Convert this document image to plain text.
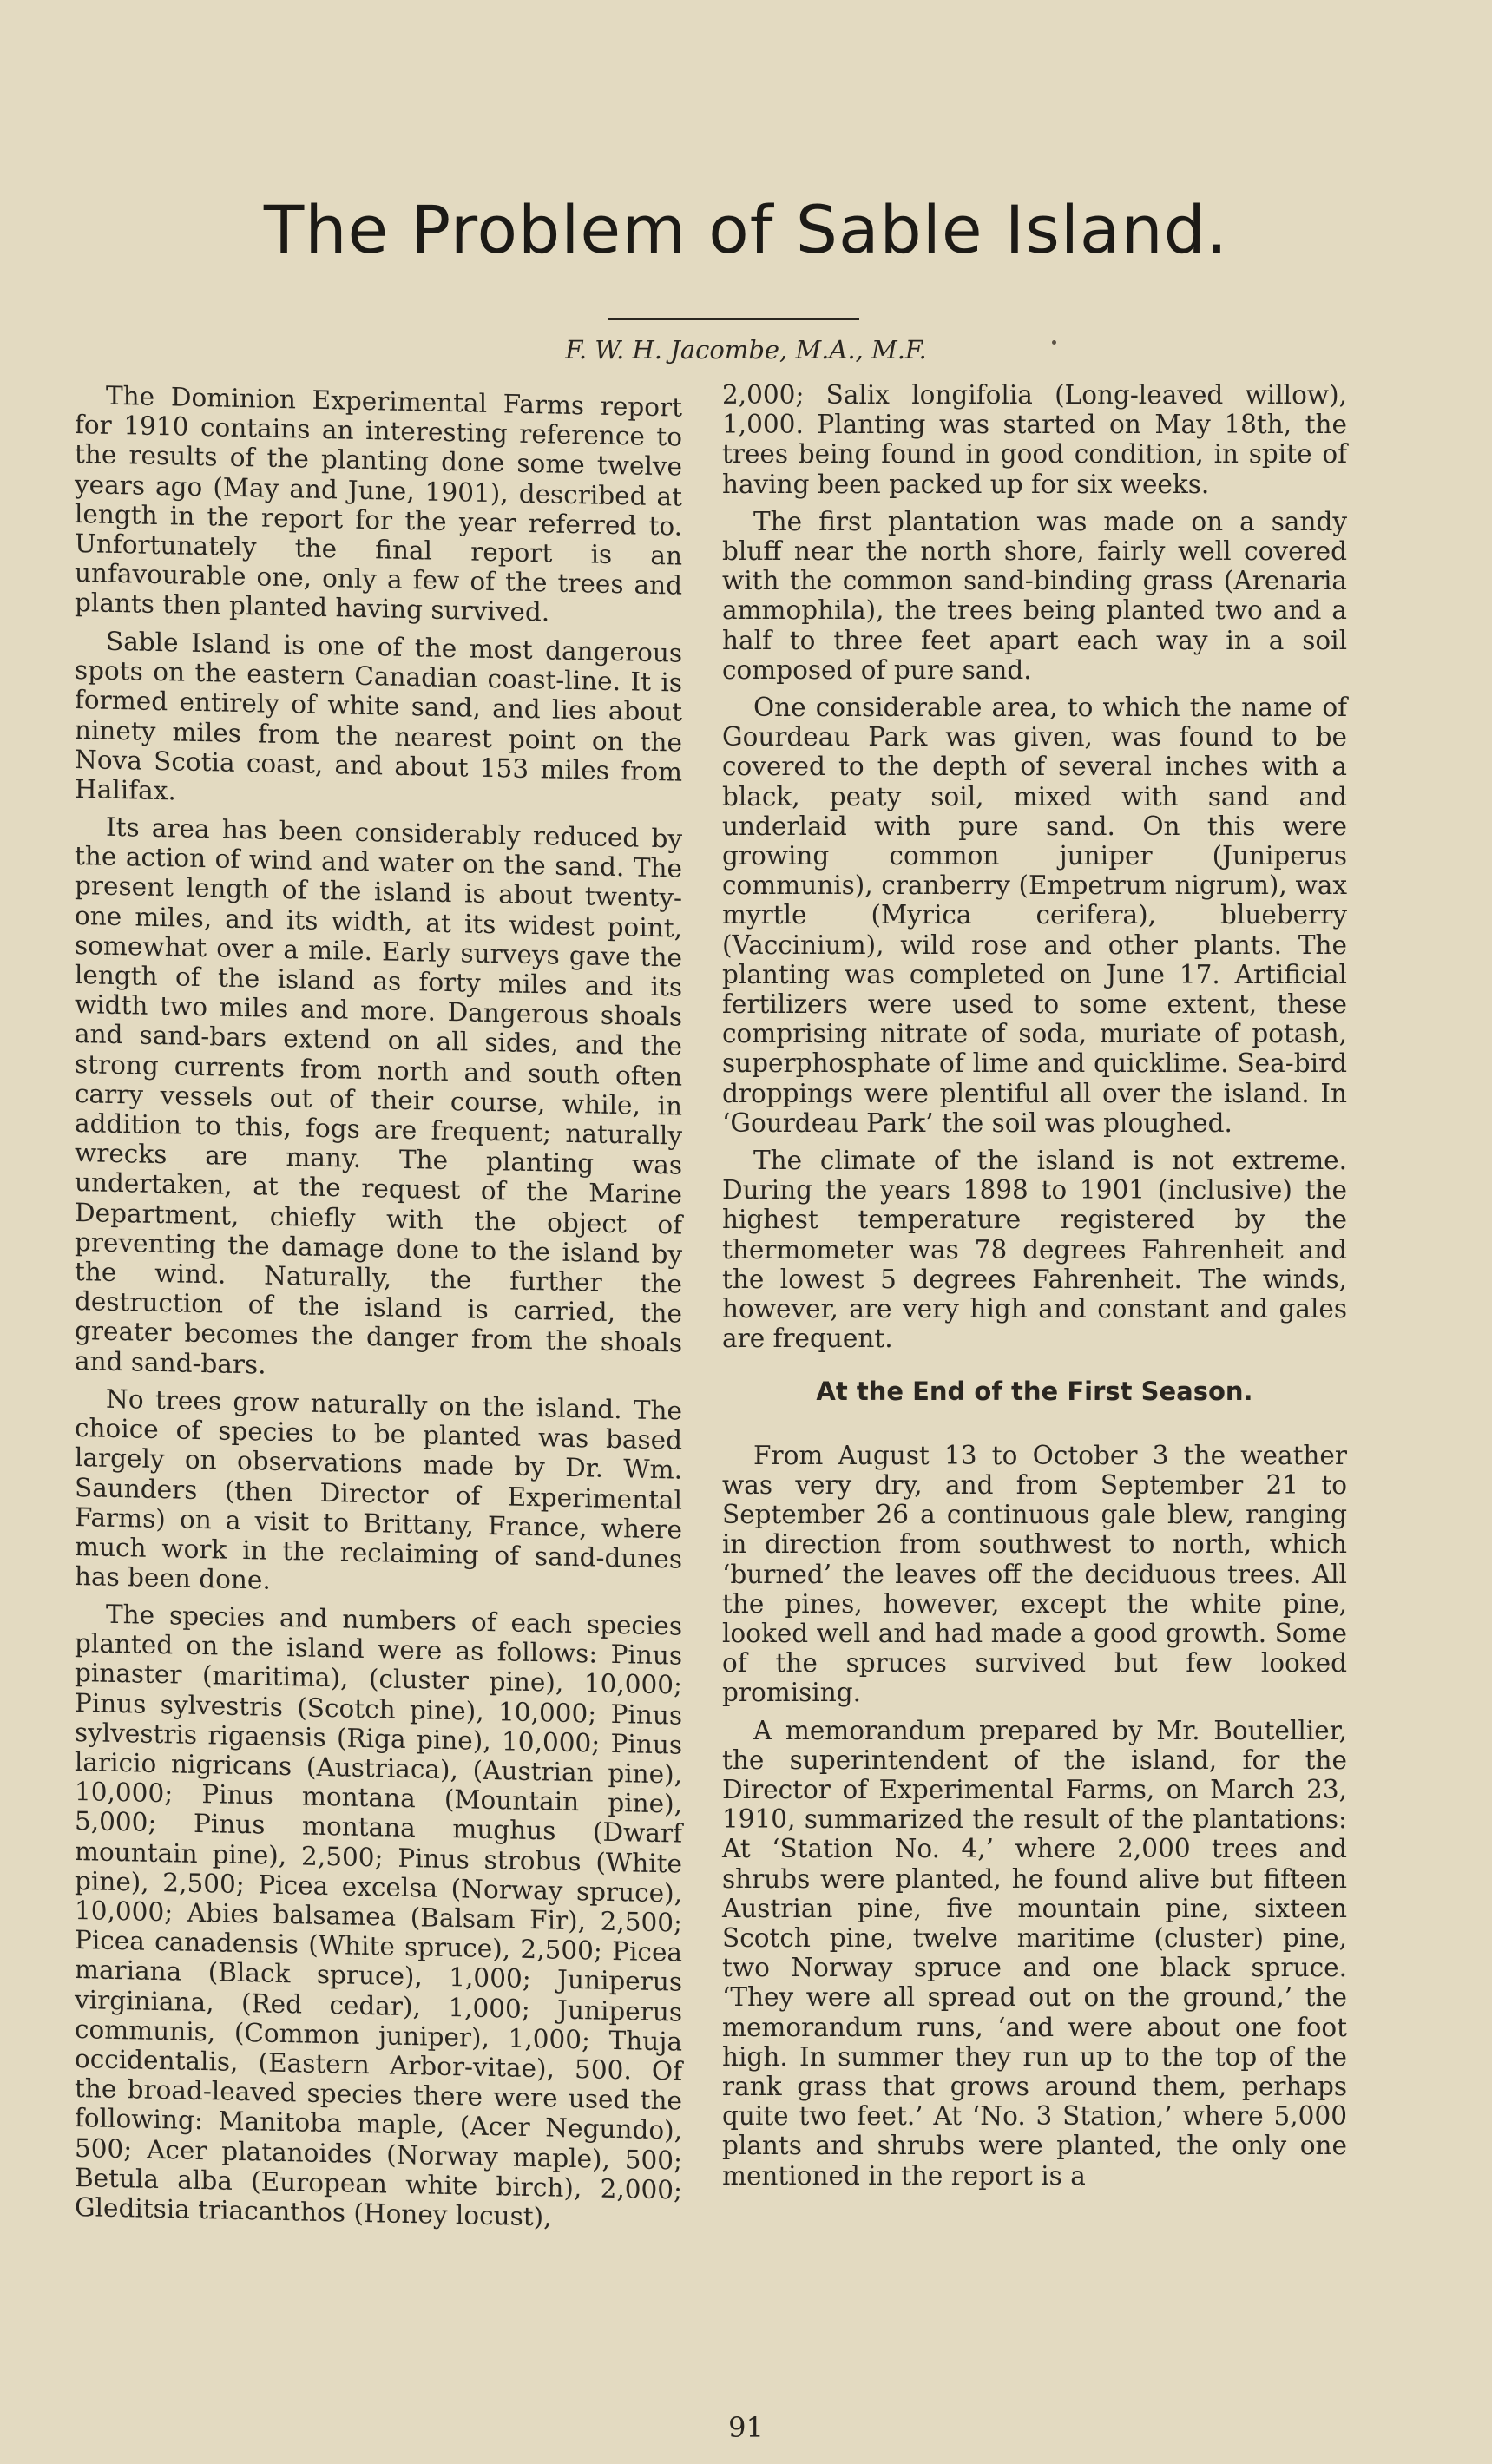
The Problem of Sable Island.
F. W. H. Jacombe, M.A., M.F.

The Dominion Experimental Farms report for 1910 contains an interesting reference to the results of the planting done some twelve years ago (May and June, 1901), described at length in the report for the year referred to. Unfortunately the final report is an unfavourable one, only a few of the trees and plants then planted having survived.

Sable Island is one of the most dangerous spots on the eastern Canadian coast-line. It is formed entirely of white sand, and lies about ninety miles from the nearest point on the Nova Scotia coast, and about 153 miles from Halifax.

Its area has been considerably reduced by the action of wind and water on the sand. The present length of the island is about twenty-one miles, and its width, at its widest point, somewhat over a mile. Early surveys gave the length of the island as forty miles and its width two miles and more. Dangerous shoals and sand-bars extend on all sides, and the strong currents from north and south often carry vessels out of their course, while, in addition to this, fogs are frequent; naturally wrecks are many. The planting was undertaken, at the request of the Marine Department, chiefly with the object of preventing the damage done to the island by the wind. Naturally, the further the destruction of the island is carried, the greater becomes the danger from the shoals and sand-bars.

No trees grow naturally on the island. The choice of species to be planted was based largely on observations made by Dr. Wm. Saunders (then Director of Experimental Farms) on a visit to Brittany, France, where much work in the reclaiming of sand-dunes has been done.

The species and numbers of each species planted on the island were as follows: Pinus pinaster (maritima), (cluster pine), 10,000; Pinus sylvestris (Scotch pine), 10,000; Pinus sylvestris rigaensis (Riga pine), 10,000; Pinus laricio nigricans (Austriaca), (Austrian pine), 10,000; Pinus montana (Mountain pine), 5,000; Pinus montana mughus (Dwarf mountain pine), 2,500; Pinus strobus (White pine), 2,500; Picea excelsa (Norway spruce), 10,000; Abies balsamea (Balsam Fir), 2,500; Picea canadensis (White spruce), 2,500; Picea mariana (Black spruce), 1,000; Juniperus virginiana, (Red cedar), 1,000; Juniperus communis, (Common juniper), 1,000; Thuja occidentalis, (Eastern Arbor-vitae), 500. Of the broad-leaved species there were used the following: Manitoba maple, (Acer Negundo), 500; Acer platanoides (Norway maple), 500; Betula alba (European white birch), 2,000; Gleditsia triacanthos (Honey locust),

2,000; Salix longifolia (Long-leaved willow), 1,000. Planting was started on May 18th, the trees being found in good condition, in spite of having been packed up for six weeks.

The first plantation was made on a sandy bluff near the north shore, fairly well covered with the common sand-binding grass (Arenaria ammophila), the trees being planted two and a half to three feet apart each way in a soil composed of pure sand.

One considerable area, to which the name of Gourdeau Park was given, was found to be covered to the depth of several inches with a black, peaty soil, mixed with sand and underlaid with pure sand. On this were growing common juniper (Juniperus communis), cranberry (Empetrum nigrum), wax myrtle (Myrica cerifera), blueberry (Vaccinium), wild rose and other plants. The planting was completed on June 17. Artificial fertilizers were used to some extent, these comprising nitrate of soda, muriate of potash, superphosphate of lime and quicklime. Sea-bird droppings were plentiful all over the island. In ‘Gourdeau Park’ the soil was ploughed.

The climate of the island is not extreme. During the years 1898 to 1901 (inclusive) the highest temperature registered by the thermometer was 78 degrees Fahrenheit and the lowest 5 degrees Fahrenheit. The winds, however, are very high and constant and gales are frequent.

At the End of the First Season.

From August 13 to October 3 the weather was very dry, and from September 21 to September 26 a continuous gale blew, ranging in direction from southwest to north, which ‘burned’ the leaves off the deciduous trees. All the pines, however, except the white pine, looked well and had made a good growth. Some of the spruces survived but few looked promising.

A memorandum prepared by Mr. Boutellier, the superintendent of the island, for the Director of Experimental Farms, on March 23, 1910, summarized the result of the plantations: At ‘Station No. 4,’ where 2,000 trees and shrubs were planted, he found alive but fifteen Austrian pine, five mountain pine, sixteen Scotch pine, twelve maritime (cluster) pine, two Norway spruce and one black spruce. ‘They were all spread out on the ground,’ the memorandum runs, ‘and were about one foot high. In summer they run up to the top of the rank grass that grows around them, perhaps quite two feet.’ At ‘No. 3 Station,’ where 5,000 plants and shrubs were planted, the only one mentioned in the report is a

91
